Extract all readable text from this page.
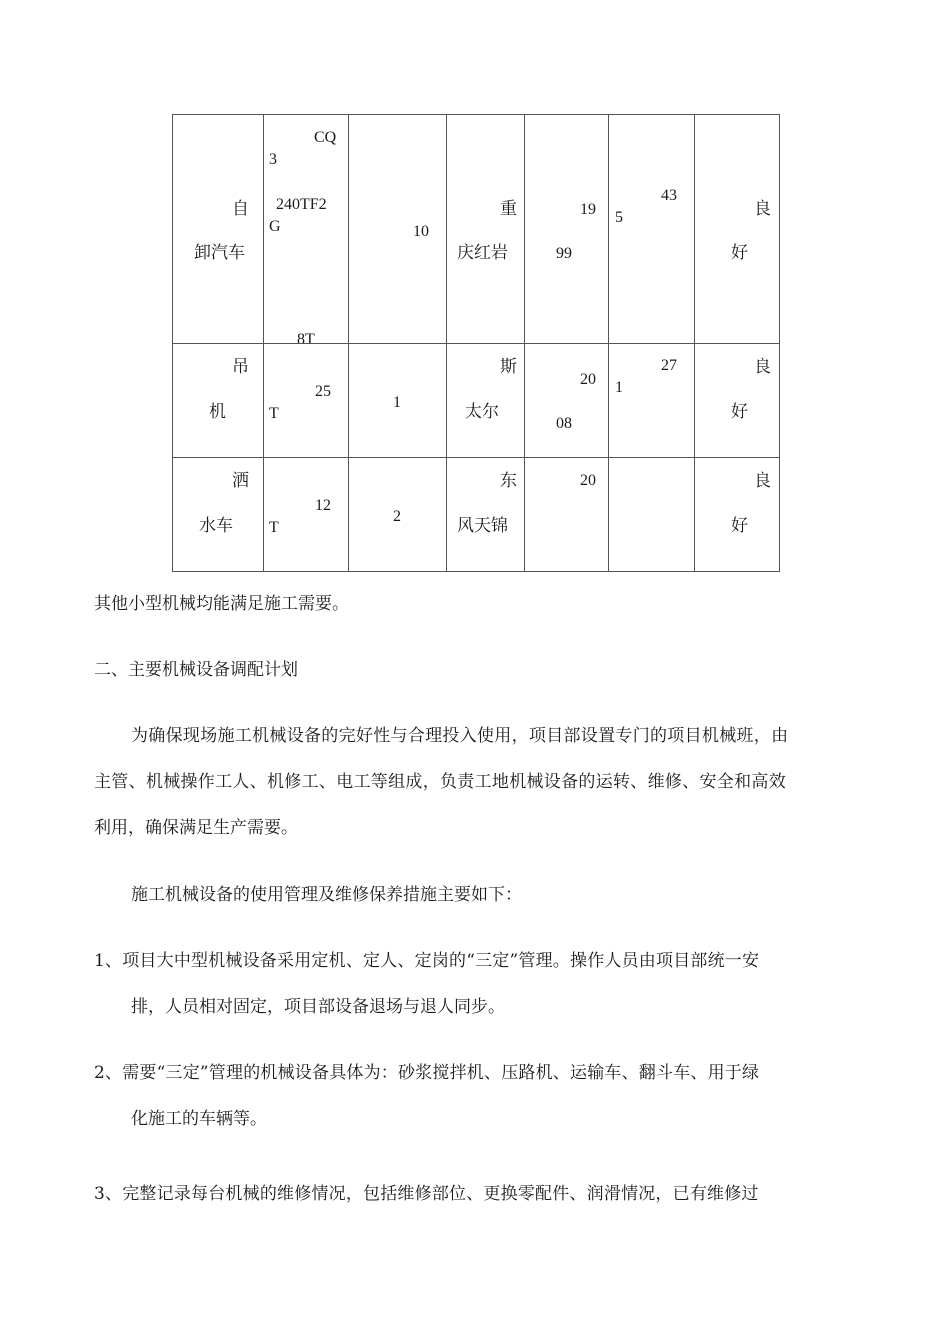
自
卸汽车
CQ
3
240TF2
G
8T
10
重
庆红岩
19
99
43
5	良
好
吊
机
25
T
1
斯
太尔
20
08
27
1
良
好
洒
水车
12
T
2
东
风天锦
20	良
好
其他小型机械均能满足施工需要。
二、主要机械设备调配计划
为确保现场施工机械设备的完好性与合理投入使用，项目部设置专门的项目机械班，由
主管、机械操作工人、机修工、电工等组成，负责工地机械设备的运转、维修、安全和高效
利用，确保满足生产需要。
施工机械设备的使用管理及维修保养措施主要如下：
1、项目大中型机械设备采用定机、定人、定岗的“三定”管理。操作人员由项目部统一安
排，人员相对固定，项目部设备退场与退人同步。
2、需要“三定”管理的机械设备具体为：砂浆搅拌机、压路机、运输车、翻斗车、用于绿
化施工的车辆等。
3、完整记录每台机械的维修情况，包括维修部位、更换零配件、润滑情况，已有维修过
